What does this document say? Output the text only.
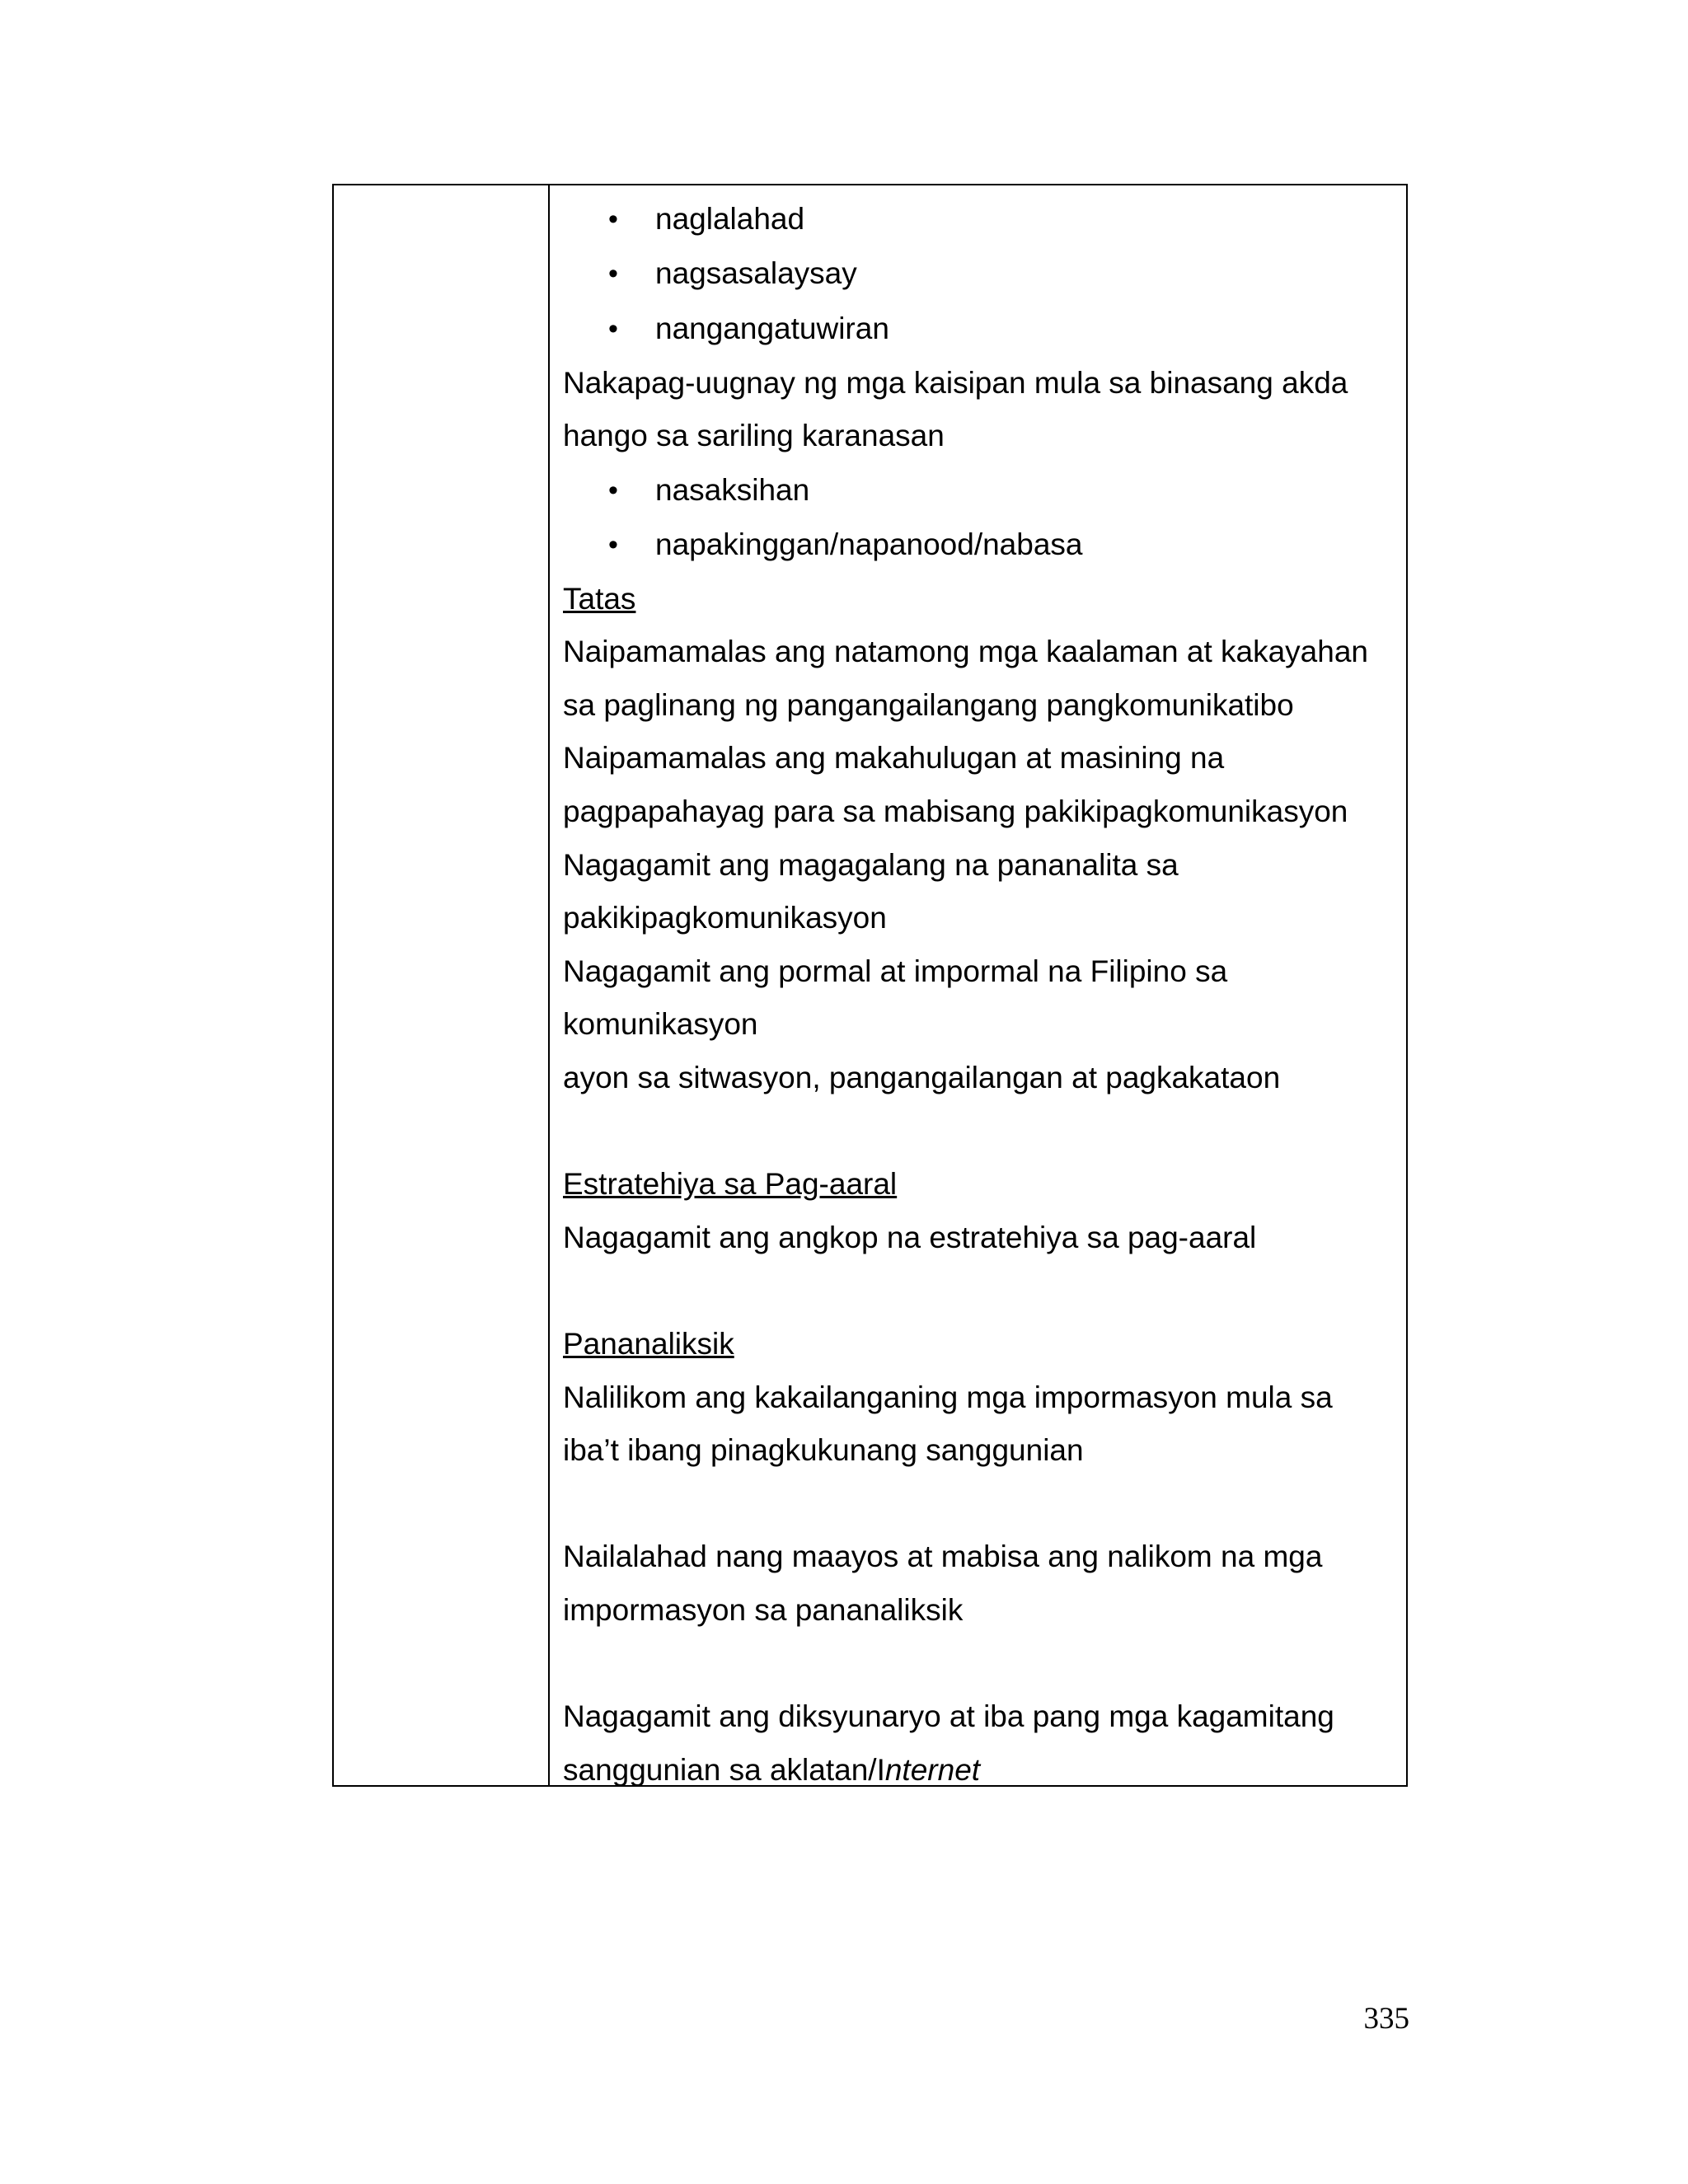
•	naglalahad
•	nagsasalaysay
•	nangangatuwiran

Nakapag-uugnay ng mga kaisipan mula sa binasang akda

hango sa sariling karanasan

•	nasaksihan
•	napakinggan/napanood/nabasa

Tatas

Naipamamalas ang natamong mga kaalaman at kakayahan

sa paglinang ng pangangailangang pangkomunikatibo

Naipamamalas ang makahulugan at masining na

pagpapahayag para sa mabisang pakikipagkomunikasyon

Nagagamit ang magagalang na pananalita sa

pakikipagkomunikasyon

Nagagamit ang pormal at impormal na Filipino sa

komunikasyon

ayon sa sitwasyon, pangangailangan at pagkakataon

Estratehiya sa Pag-aaral

Nagagamit ang angkop na estratehiya sa pag-aaral

Pananaliksik

Nalilikom ang kakailanganing mga impormasyon mula sa

iba’t ibang pinagkukunang sanggunian

Nailalahad nang maayos at mabisa ang nalikom na mga

impormasyon sa pananaliksik

Nagagamit ang diksyunaryo at iba pang mga kagamitang

sanggunian sa aklatan/Internet

335
